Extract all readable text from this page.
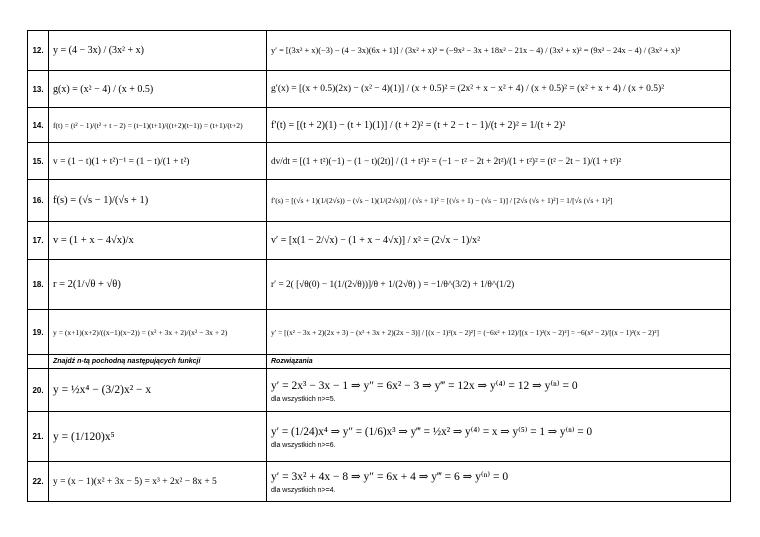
12.	y = (4 − 3x) / (3x² + x)	y′ = [(3x² + x)(−3) − (4 − 3x)(6x + 1)] / (3x² + x)² = (−9x² − 3x + 18x² − 21x − 4) / (3x² + x)² = (9x² − 24x − 4) / (3x² + x)²
13.	g(x) = (x² − 4) / (x + 0.5)	g′(x) = [(x + 0.5)(2x) − (x² − 4)(1)] / (x + 0.5)² = (2x² + x − x² + 4) / (x + 0.5)² = (x² + x + 4) / (x + 0.5)²
14.	f(t) = (t² − 1)/(t² + t − 2) = (t−1)(t+1)/((t+2)(t−1)) = (t+1)/(t+2)	f′(t) = [(t + 2)(1) − (t + 1)(1)] / (t + 2)² = (t + 2 − t − 1)/(t + 2)² = 1/(t + 2)²
15.	v = (1 − t)(1 + t²)⁻¹ = (1 − t)/(1 + t²)	dv/dt = [(1 + t²)(−1) − (1 − t)(2t)] / (1 + t²)² = (−1 − t² − 2t + 2t²)/(1 + t²)² = (t² − 2t − 1)/(1 + t²)²
16.	f(s) = (√s − 1)/(√s + 1)	f′(s) = [(√s + 1)(1/(2√s)) − (√s − 1)(1/(2√s))] / (√s + 1)² = [(√s + 1) − (√s − 1)] / [2√s (√s + 1)²] = 1/[√s (√s + 1)²]
17.	v = (1 + x − 4√x)/x	v′ = [x(1 − 2/√x) − (1 + x − 4√x)] / x² = (2√x − 1)/x²
18.	r = 2(1/√θ + √θ)	r′ = 2( [√θ(0) − 1(1/(2√θ))]/θ + 1/(2√θ) ) = −1/θ^(3/2) + 1/θ^(1/2)
19.	y = (x+1)(x+2)/((x−1)(x−2)) = (x² + 3x + 2)/(x² − 3x + 2)	y′ = [(x² − 3x + 2)(2x + 3) − (x² + 3x + 2)(2x − 3)] / [(x − 1)²(x − 2)²] = (−6x² + 12)/[(x − 1)²(x − 2)²] = −6(x² − 2)/[(x − 1)²(x − 2)²]
	Znajdź n-tą pochodną następujących funkcji	Rozwiązania
20.	y = ½x⁴ − (3/2)x² − x	y′ = 2x³ − 3x − 1 ⇒ y″ = 6x² − 3 ⇒ y‴ = 12x ⇒ y⁽⁴⁾ = 12 ⇒ y⁽ⁿ⁾ = 0
dla wszystkich n>=5.

21.	y = (1/120)x⁵	y′ = (1/24)x⁴ ⇒ y″ = (1/6)x³ ⇒ y‴ = ½x² ⇒ y⁽⁴⁾ = x ⇒ y⁽⁵⁾ = 1 ⇒ y⁽ⁿ⁾ = 0
dla wszystkich n>=6.

22.	y = (x − 1)(x² + 3x − 5) = x³ + 2x² − 8x + 5	y′ = 3x² + 4x − 8 ⇒ y″ = 6x + 4 ⇒ y‴ = 6 ⇒ y⁽ⁿ⁾ = 0
dla wszystkich n>=4.
